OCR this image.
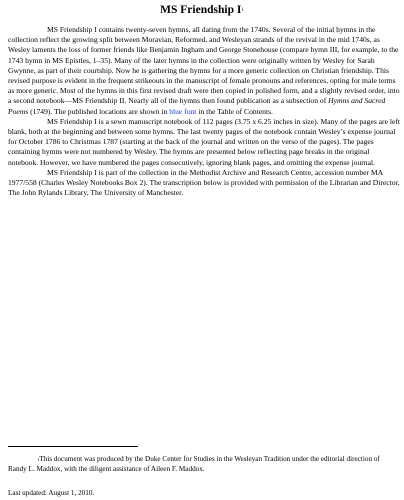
MS Friendship $I^1$

MS Friendship I contains twenty-seven hymns, all dating from the 1740s. Several of the initial hymns in the collection reflect the growing split between Moravian, Reformed, and Wesleyan strands of the revival in the mid 1740s, as Wesley laments the loss of former friends like Benjamin Ingham and George Stonehouse (compare hymn III, for example, to the 1743 hymn in MS Epistles, 1–35). Many of the later hymns in the collection were originally written by Wesley for Sarah Gwynne, as part of their courtship. Now he is gathering the hymns for a more generic collection on Christian friendship. This revised purpose is evident in the frequent strikeouts in the manuscript of female pronouns and references, opting for male terms as more generic. Most of the hymns in this first revised draft were then copied in polished form, and a slightly revised order, into a second notebook—MS Friendship II. Nearly all of the hymns then found publication as a subsection of Hymns and Sacred Poems (1749). The published locations are shown in blue font in the Table of Contents.

MS Friendship I is a sewn manuscript notebook of 112 pages (3.75 x 6.25 inches in size). Many of the pages are left blank, both at the beginning and between some hymns. The last twenty pages of the notebook contain Wesley’s expense journal for October 1786 to Christmas 1787 (starting at the back of the journal and written on the verso of the pages). The pages containing hymns were not numbered by Wesley. The hymns are presented below reflecting page breaks in the original notebook. However, we have numbered the pages consecutively, ignoring blank pages, and omitting the expense journal.

MS Friendship I is part of the collection in the Methodist Archive and Research Centre, accession number MA 1977/558 (Charles Wesley Notebooks Box 2). The transcription below is provided with permission of the Librarian and Director, The John Rylands Library, The University of Manchester.

$^1$This document was produced by the Duke Center for Studies in the Wesleyan Tradition under the editorial direction of Randy L. Maddox, with the diligent assistance of Aileen F. Maddox.

Last updated: August 1, 2010.
